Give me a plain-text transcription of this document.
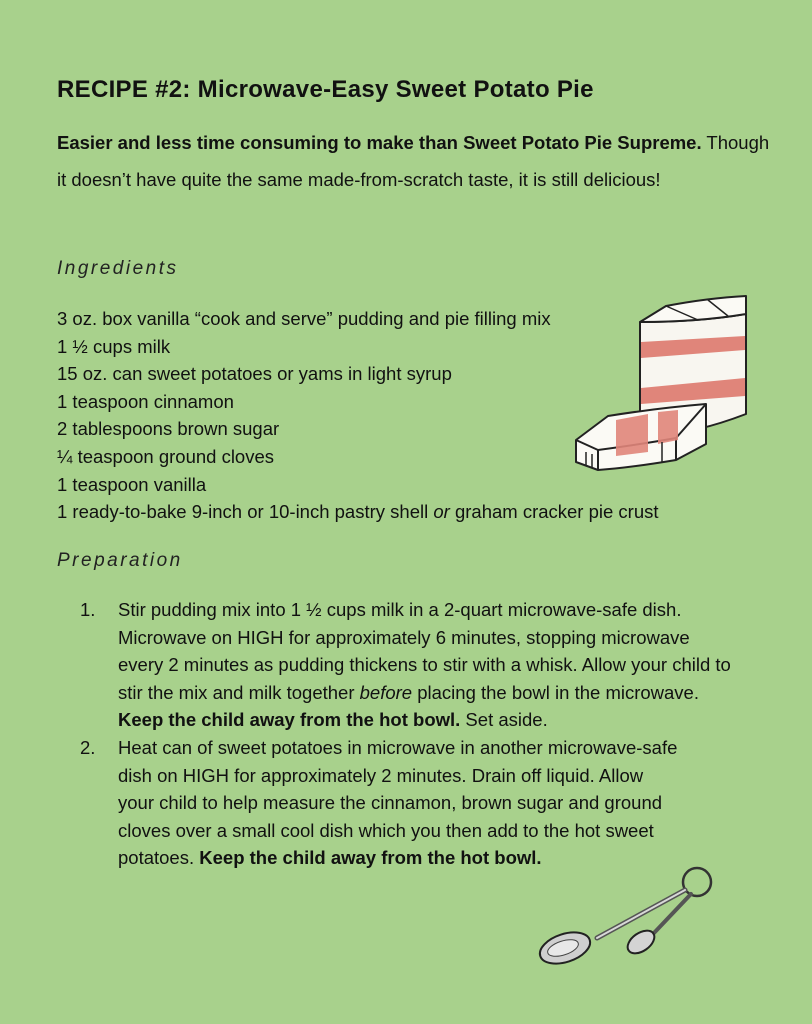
RECIPE #2: Microwave-Easy Sweet Potato Pie

Easier and less time consuming to make than Sweet Potato Pie Supreme. Though it doesn’t have quite the same made-from-scratch taste, it is still delicious!

Ingredients
3 oz. box vanilla “cook and serve” pudding and pie filling mix
1 ½ cups milk
15 oz. can sweet potatoes or yams in light syrup
1 teaspoon cinnamon
2 tablespoons brown sugar
¼ teaspoon ground cloves
1 teaspoon vanilla
1 ready-to-bake 9-inch or 10-inch pastry shell or graham cracker pie crust
Preparation
1. Stir pudding mix into 1 ½ cups milk in a 2-quart microwave-safe dish. Microwave on HIGH for approximately 6 minutes, stopping microwave every 2 minutes as pudding thickens to stir with a whisk. Allow your child to stir the mix and milk together before placing the bowl in the microwave. Keep the child away from the hot bowl. Set aside.
2. Heat can of sweet potatoes in microwave in another microwave-safe dish on HIGH for approximately 2 minutes. Drain off liquid. Allow your child to help measure the cinnamon, brown sugar and ground cloves over a small cool dish which you then add to the hot sweet potatoes. Keep the child away from the hot bowl.
